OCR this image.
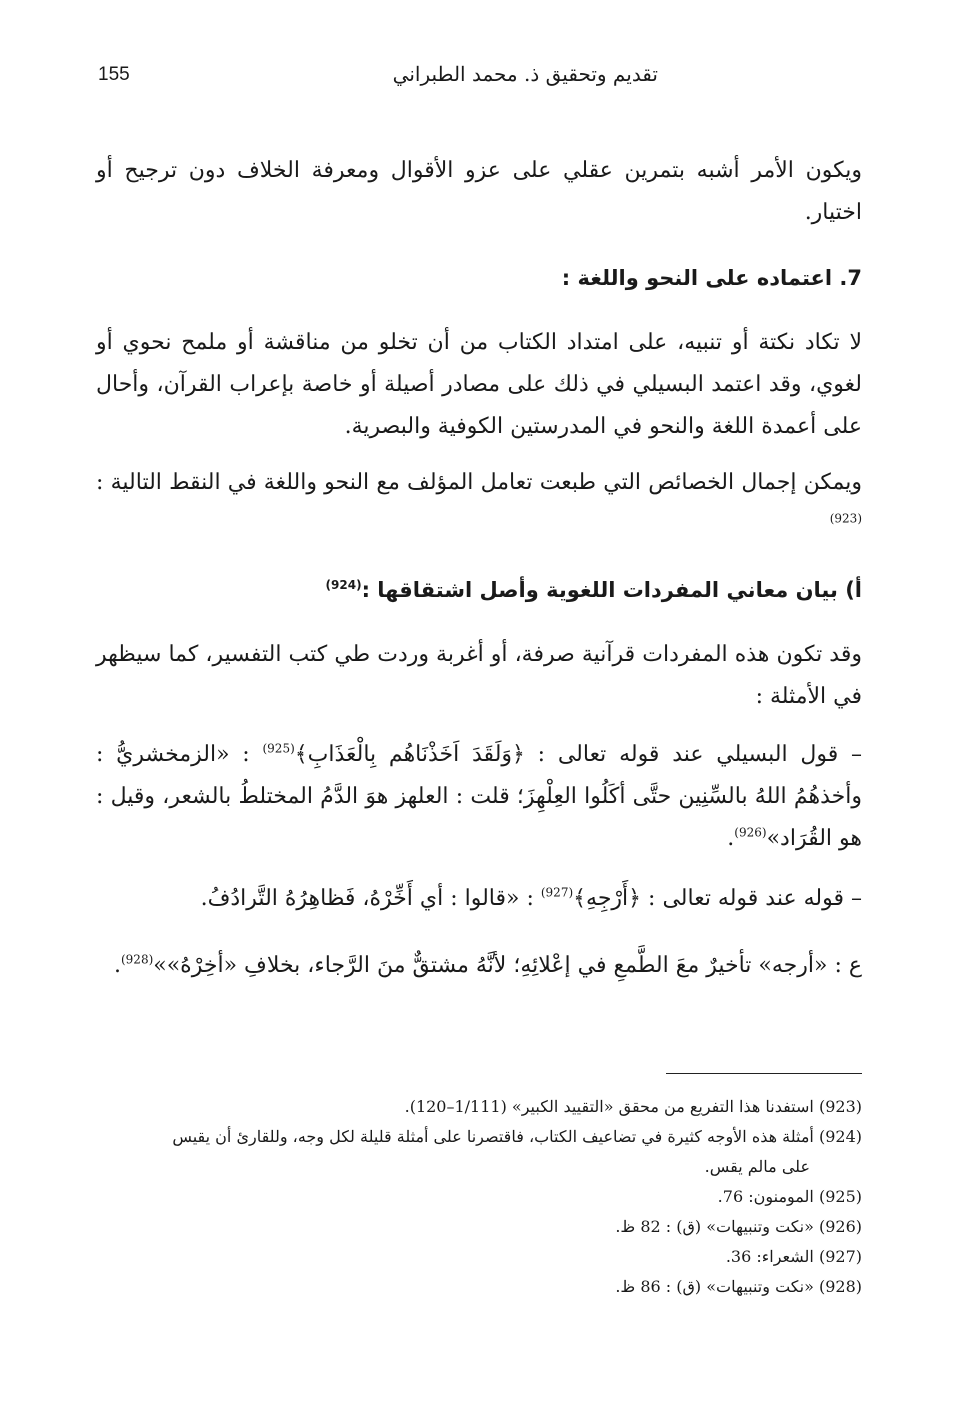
155	تقديم وتحقيق ذ. محمد الطبراني

ويكون الأمر أشبه بتمرين عقلي على عزو الأقوال ومعرفة الخلاف دون ترجيح أو اختيار.

7. اعتماده على النحو واللغة :

لا تكاد نكتة أو تنبيه، على امتداد الكتاب من أن تخلو من مناقشة أو ملمح نحوي أو لغوي، وقد اعتمد البسيلي في ذلك على مصادر أصيلة أو خاصة بإعراب القرآن، وأحال على أعمدة اللغة والنحو في المدرستين الكوفية والبصرية.

ويمكن إجمال الخصائص التي طبعت تعامل المؤلف مع النحو واللغة في النقط التالية :$^{(923)}$

أ) بيان معاني المفردات اللغوية وأصل اشتقاقها :$^{(924)}$

وقد تكون هذه المفردات قرآنية صرفة، أو أغربة وردت طي كتب التفسير، كما سيظهر في الأمثلة :

– قول البسيلي عند قوله تعالى : ﴿وَلَقَدَ اَخَذْنَاهُم بِالْعَذَابِ﴾$^{(925)}$ : «الزمخشريُّ : وأخذهُمُ اللهُ بالسِّنِين حتَّى أكَلُوا العِلْهِزَ؛ قلت : العلهز هوَ الدَّمُ المختلطُ بالشعر، وقيل : هو القُرَاد»$^{(926)}$.

– قوله عند قوله تعالى : ﴿أَرْجِهِ﴾$^{(927)}$ : «قالوا : أي أَخِّرْهُ، فَظاهِرُهُ التَّرادُفُ.

ع : «أرجه» تأخيرٌ معَ الطَّمعِ في إعْلائِهِ؛ لأنَّهُ مشتقٌّ منَ الرَّجاء، بخلافِ «أخِرْهُ»»$^{(928)}$.

(923) استفدنا هذا التفريع من محقق «التقييد الكبير» (1/111–120).

(924) أمثلة هذه الأوجه كثيرة في تضاعيف الكتاب، فاقتصرنا على أمثلة قليلة لكل وجه، وللقارئ أن يقيس

على مالم يقس.

(925) المومنون: 76.

(926) «نكت وتنبيهات» (ق) : 82 ظ.

(927) الشعراء: 36.

(928) «نكت وتنبيهات» (ق) : 86 ظ.
